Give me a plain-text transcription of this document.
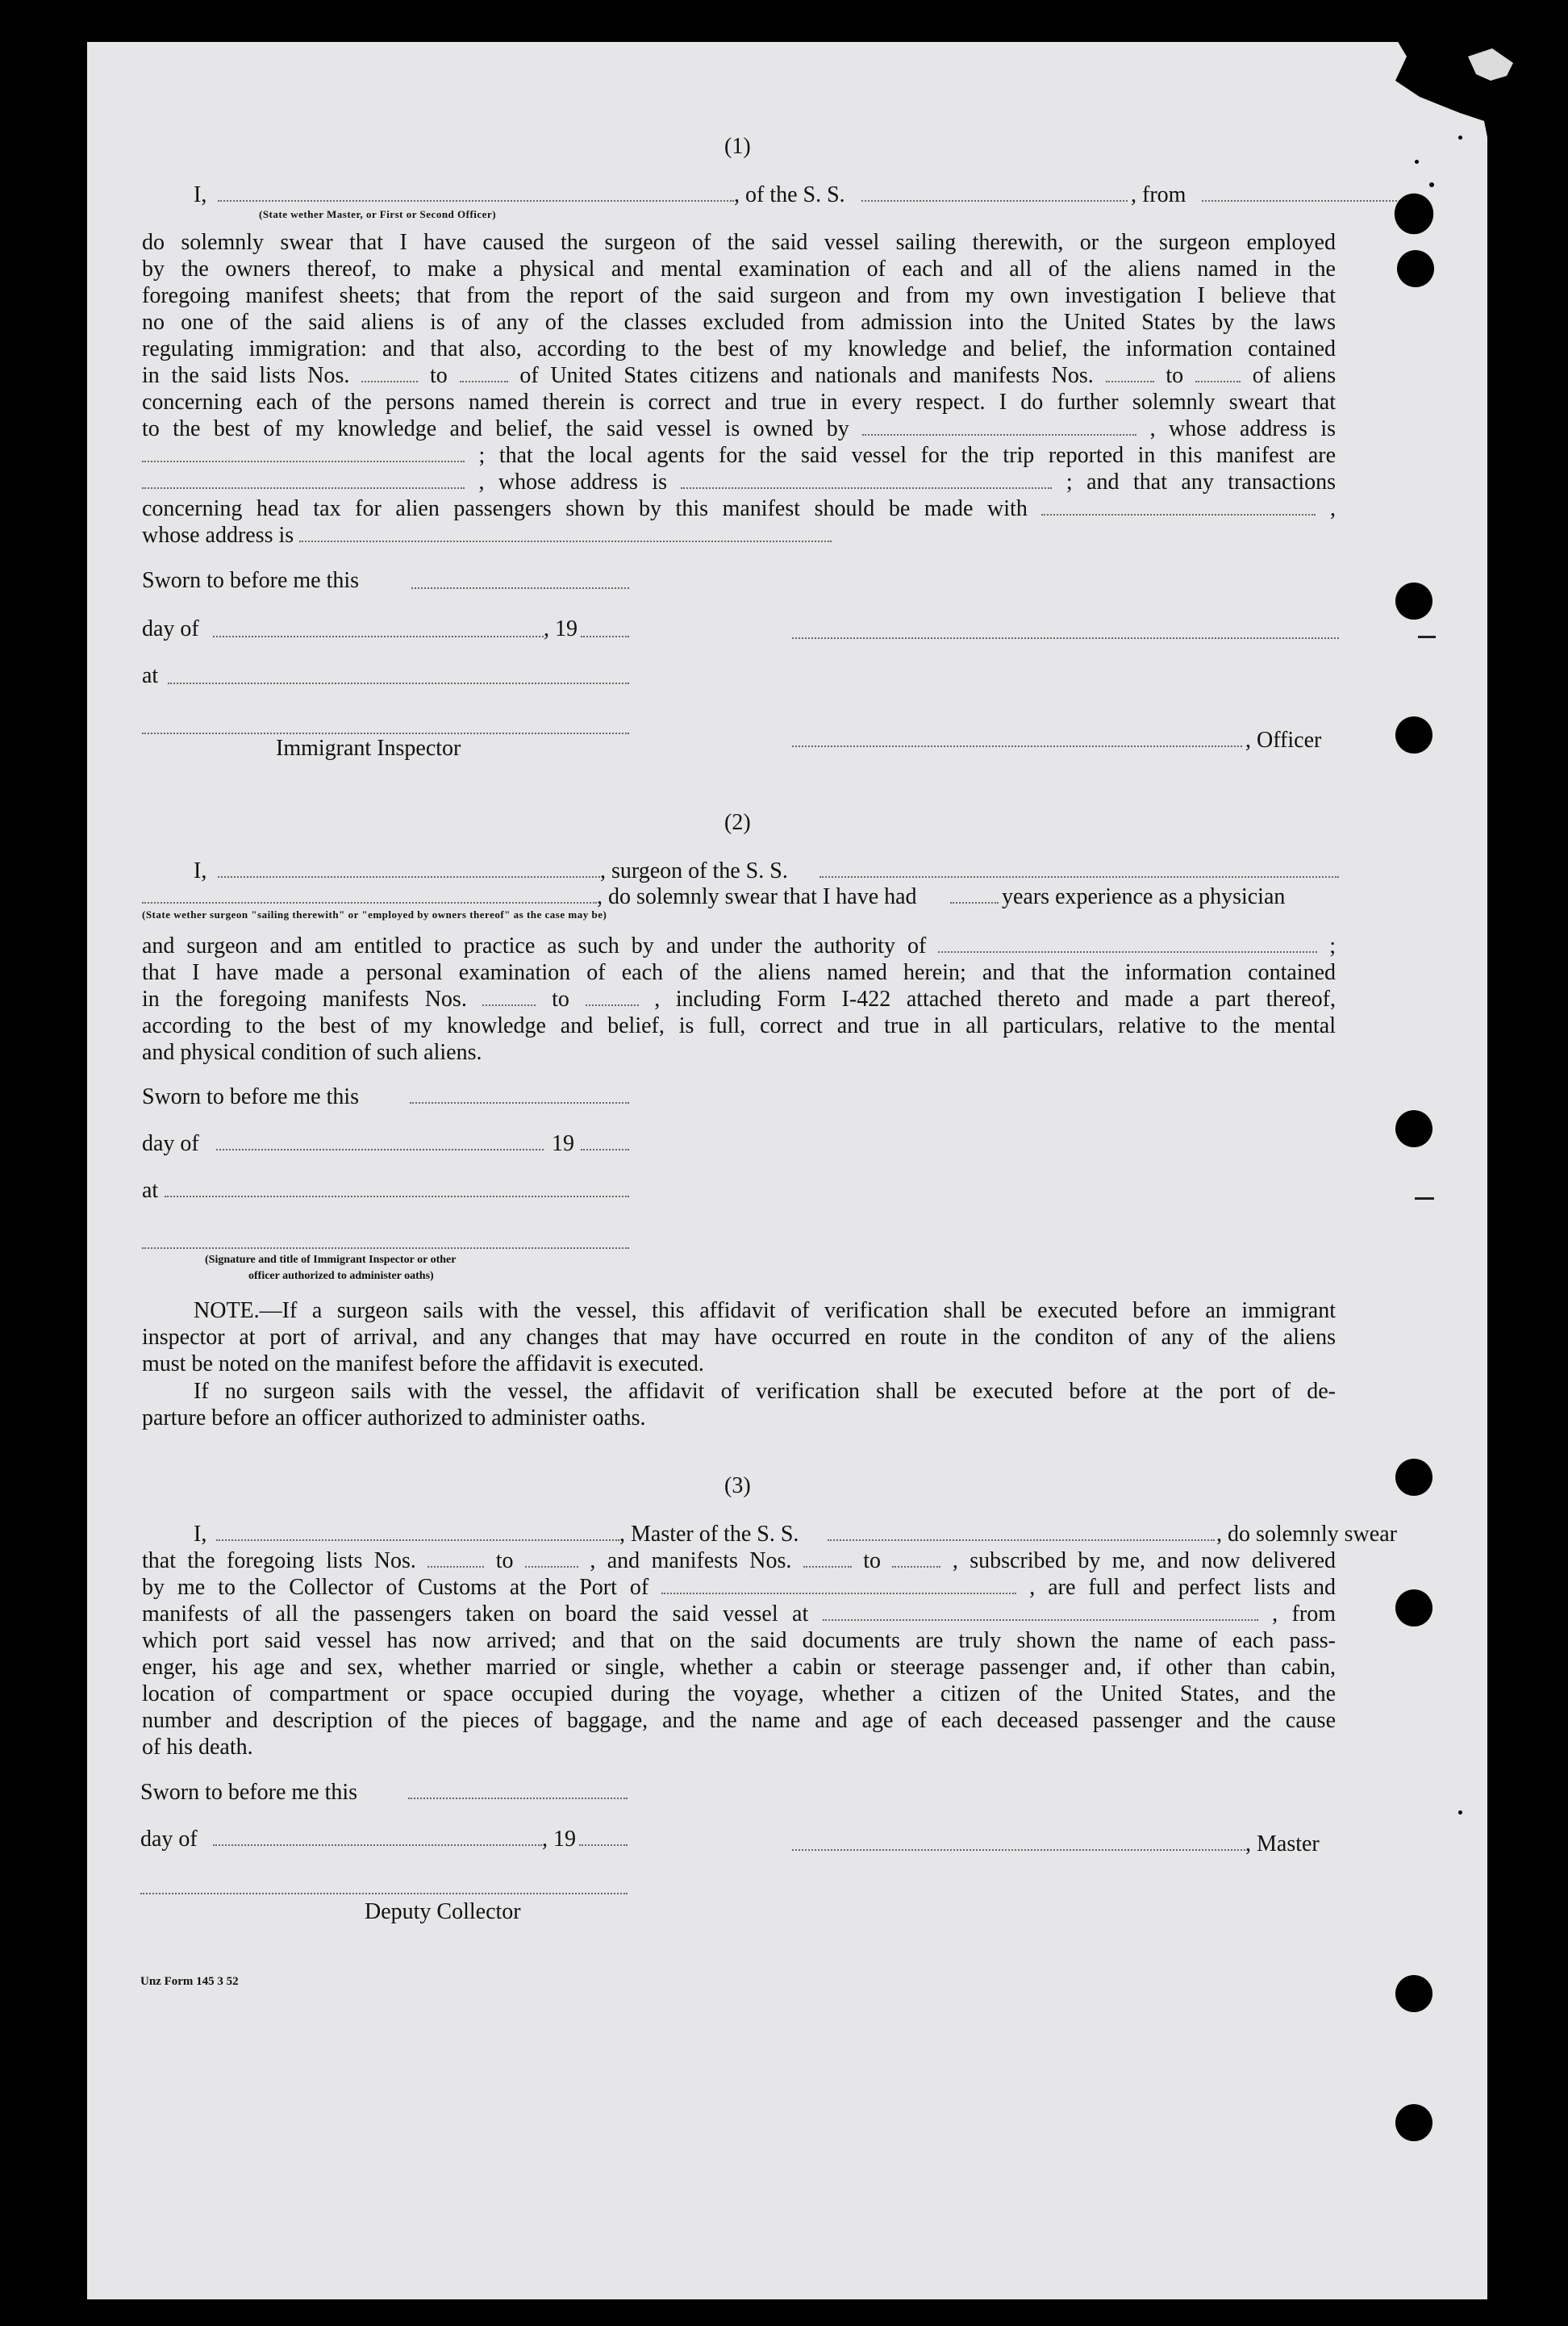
(1)
I,	, of the S. S.	, from
(State wether Master, or First or Second Officer)
do solemnly swear that I have caused the surgeon of the said vessel sailing therewith, or the surgeon employed
by the owners thereof, to make a physical and mental examination of each and all of the aliens named in the
foregoing manifest sheets; that from the report of the said surgeon and from my own investigation I believe that
no one of the said aliens is of any of the classes excluded from admission into the United States by the laws
regulating immigration: and that also, according to the best of my knowledge and belief, the information contained
in the said lists Nos.	to	of United States citizens and nationals and manifests Nos.	to	of aliens
concerning each of the persons named therein is correct and true in every respect. I do further solemnly sweart that
to the best of my knowledge and belief, the said vessel is owned by	, whose address is
; that the local agents for the said vessel for the trip reported in this manifest are
, whose address is	; and that any transactions
concerning head tax for alien passengers shown by this manifest should be made with	,
whose address is
Sworn to before me this
day of	, 19
at
Immigrant Inspector	, Officer
(2)
I,	, surgeon of the S. S.
, do solemnly swear that I have had	years experience as a physician
(State wether surgeon "sailing therewith" or "employed by owners thereof" as the case may be)
and surgeon and am entitled to practice as such by and under the authority of	;
that I have made a personal examination of each of the aliens named herein; and that the information contained
in the foregoing manifests Nos.	to	, including Form I-422 attached thereto and made a part thereof,
according to the best of my knowledge and belief, is full, correct and true in all particulars, relative to the mental
and physical condition of such aliens.
Sworn to before me this
day of	19
at
(Signature and title of Immigrant Inspector or other
officer authorized to administer oaths)
NOTE.—If a surgeon sails with the vessel, this affidavit of verification shall be executed before an immigrant
inspector at port of arrival, and any changes that may have occurred en route in the conditon of any of the aliens
must be noted on the manifest before the affidavit is executed.
If no surgeon sails with the vessel, the affidavit of verification shall be executed before at the port of de-
parture before an officer authorized to administer oaths.
(3)
I,	, Master of the S. S.	, do solemnly swear
that the foregoing lists Nos.	to	, and manifests Nos.	to	, subscribed by me, and now delivered
by me to the Collector of Customs at the Port of	, are full and perfect lists and
manifests of all the passengers taken on board the said vessel at	, from
which port said vessel has now arrived; and that on the said documents are truly shown the name of each pass-
enger, his age and sex, whether married or single, whether a cabin or steerage passenger and, if other than cabin,
location of compartment or space occupied during the voyage, whether a citizen of the United States, and the
number and description of the pieces of baggage, and the name and age of each deceased passenger and the cause
of his death.
Sworn to before me this
day of	, 19	, Master
Deputy Collector
Unz Form 145 3 52
